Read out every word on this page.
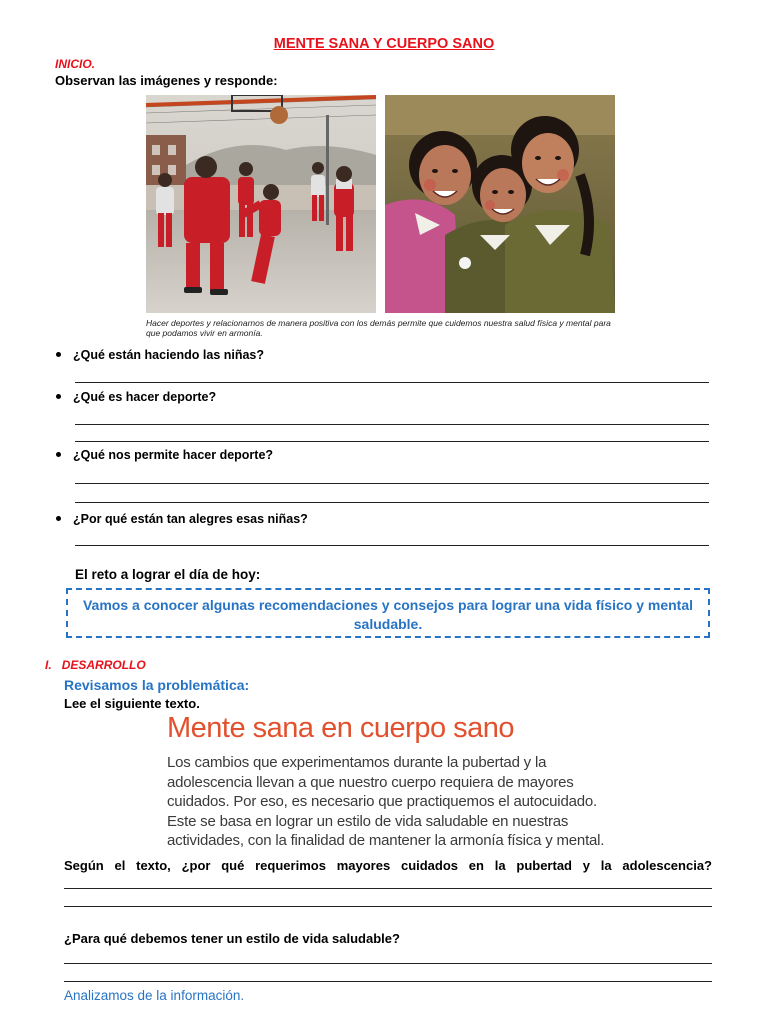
MENTE SANA Y CUERPO SANO
INICIO.
Observan las imágenes y responde:
Hacer deportes y relacionarnos de manera positiva con los demás permite que cuidemos nuestra salud física y mental para que podamos vivir en armonía.
¿Qué están haciendo las niñas?
¿Qué es hacer deporte?
¿Qué nos permite hacer deporte?
¿Por qué están tan alegres esas niñas?
El reto a lograr el día de hoy:
Vamos a conocer algunas recomendaciones y consejos para lograr una vida físico y mental saludable.
I. DESARROLLO
Revisamos la problemática:
Lee el siguiente texto.
Mente sana en cuerpo sano
Los cambios que experimentamos durante la pubertad y la
adolescencia llevan a que nuestro cuerpo requiera de mayores
cuidados. Por eso, es necesario que practiquemos el autocuidado.
Este se basa en lograr un estilo de vida saludable en nuestras
actividades, con la finalidad de mantener la armonía física y mental.
Según el texto, ¿por qué requerimos mayores cuidados en la pubertad y la adolescencia?
¿Para qué debemos tener un estilo de vida saludable?
Analizamos de la información.
